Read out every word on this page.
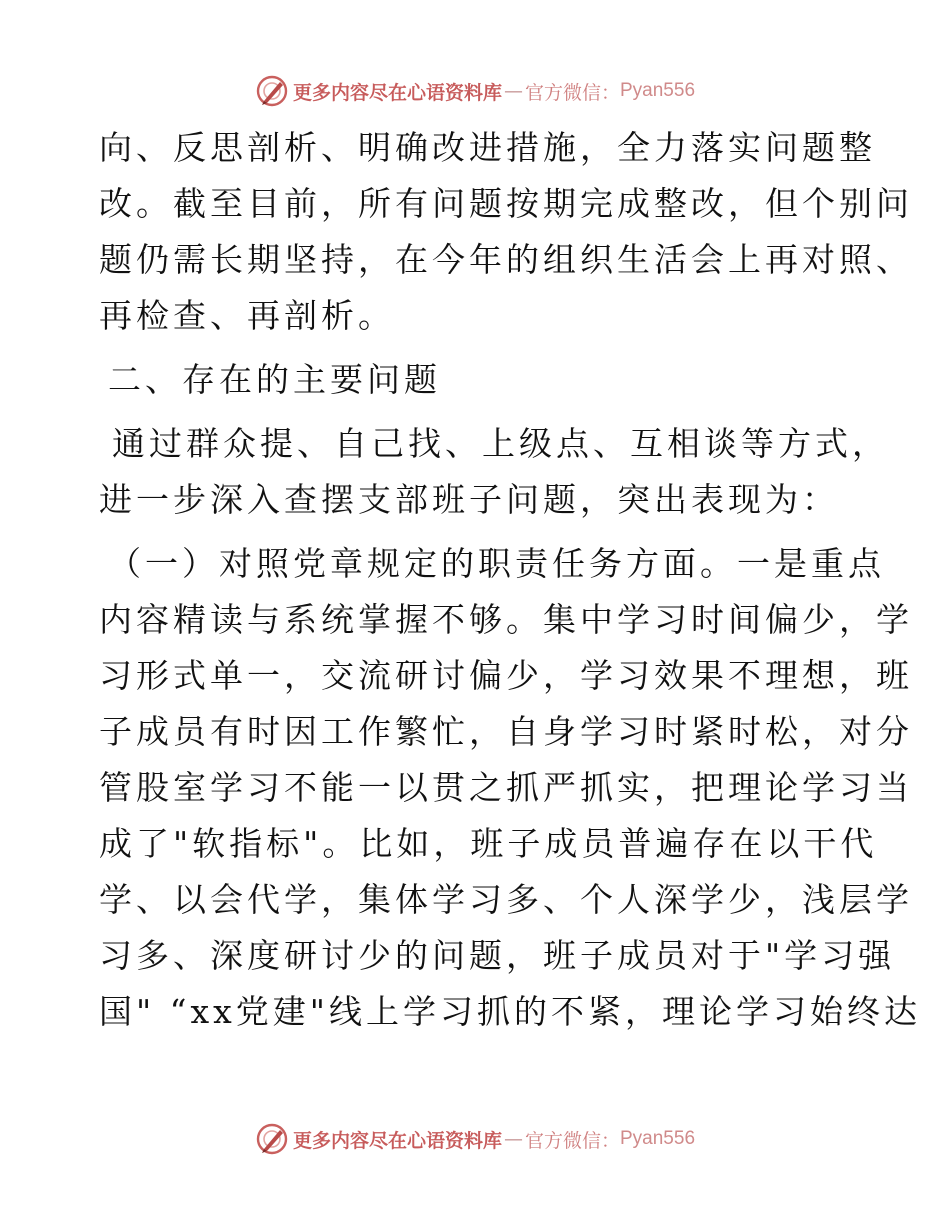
更多内容尽在心语资料库 — 官方微信： Pyan556
向、反思剖析、明确改进措施，全力落实问题整
改。截至目前，所有问题按期完成整改，但个别问
题仍需长期坚持，在今年的组织生活会上再对照、
再检查、再剖析。
二、存在的主要问题
通过群众提、自己找、上级点、互相谈等方式，
进一步深入查摆支部班子问题，突出表现为：
（一）对照党章规定的职责任务方面。一是重点
内容精读与系统掌握不够。集中学习时间偏少，学
习形式单一，交流研讨偏少，学习效果不理想，班
子成员有时因工作繁忙，自身学习时紧时松，对分
管股室学习不能一以贯之抓严抓实，把理论学习当
成了"软指标"。比如，班子成员普遍存在以干代
学、以会代学，集体学习多、个人深学少，浅层学
习多、深度研讨少的问题，班子成员对于"学习强
国" “xx党建"线上学习抓的不紧，理论学习始终达
更多内容尽在心语资料库 — 官方微信： Pyan556
